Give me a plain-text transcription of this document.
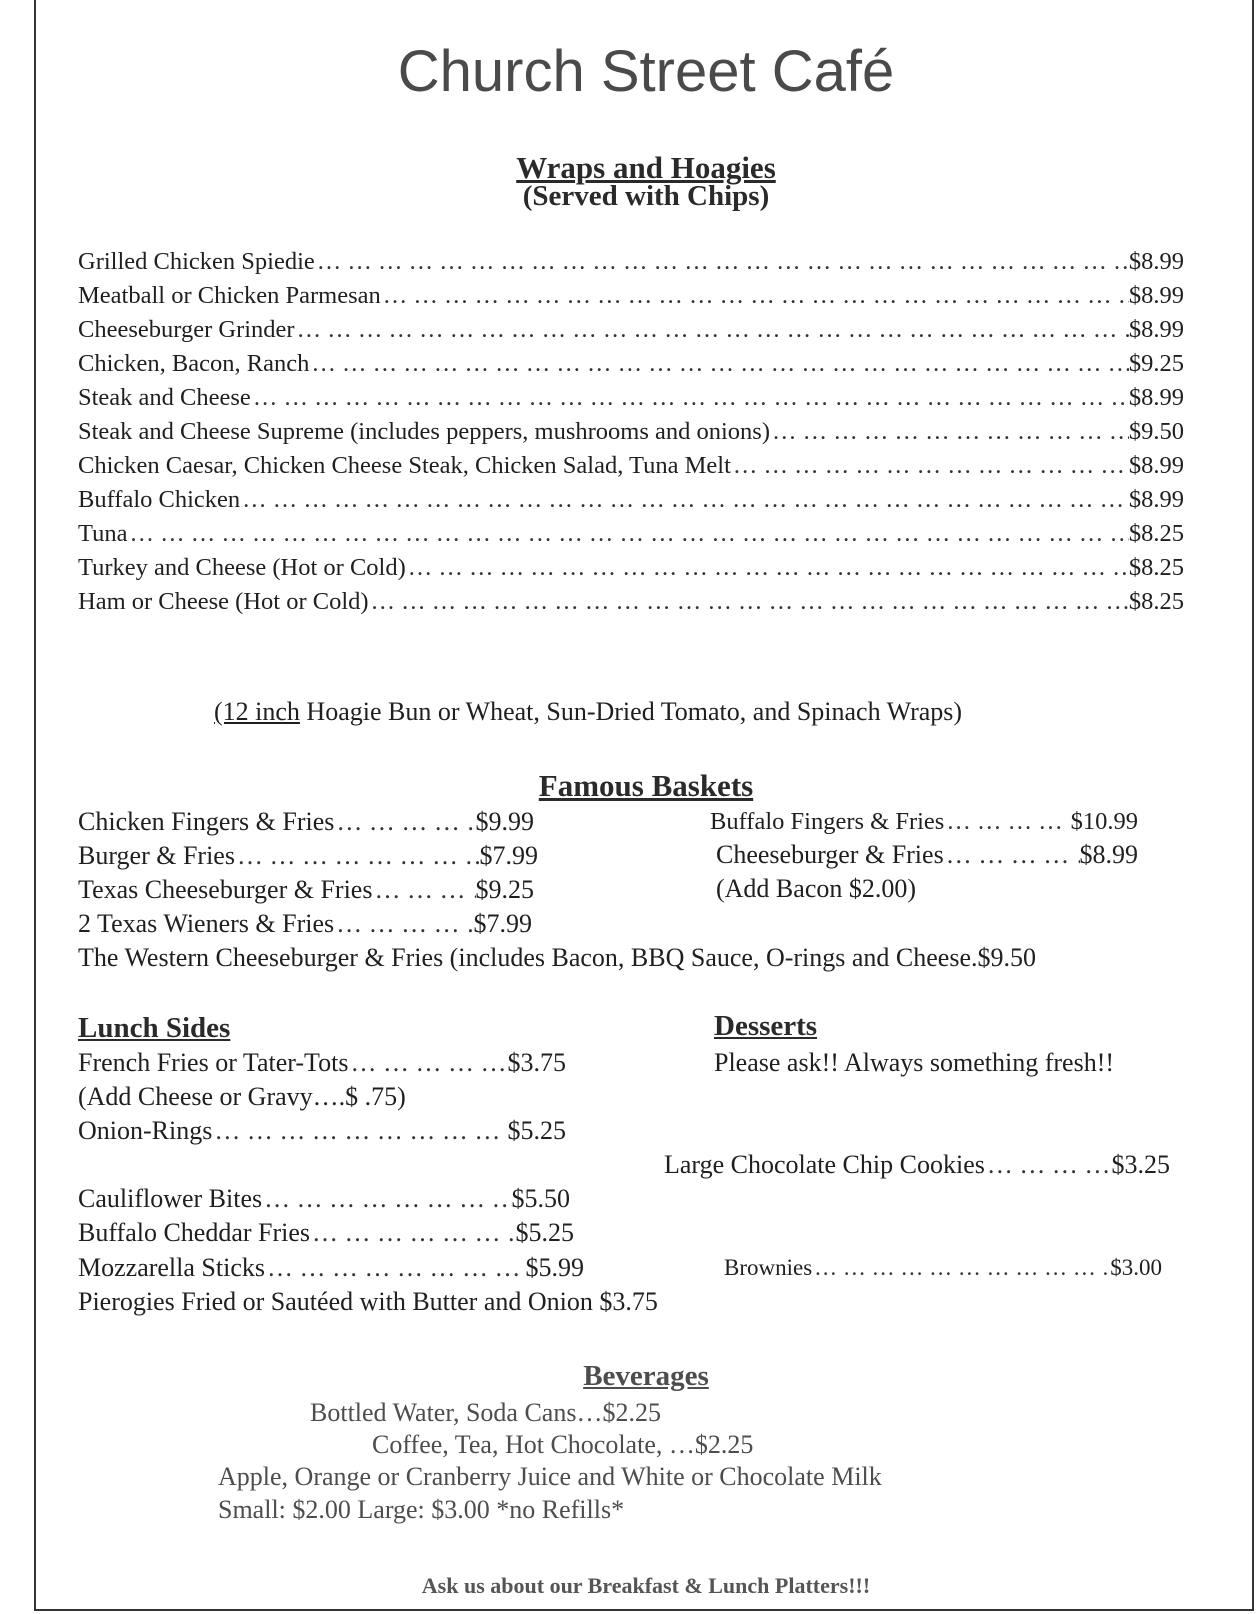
Church Street Café
Wraps and Hoagies
(Served with Chips)
Grilled Chicken Spiedie … … … … … … … … … … … … … … … … … … … … … … … … … … … … … … … … … … … … … … … … … … … … … … … … … … … … … … … … … …	$8.99
Meatball or Chicken Parmesan … … … … … … … … … … … … … … … … … … … … … … … … … … … … … … … … … … … … … … … … … … … … … … … … … … … … … … … … … …	$8.99
Cheeseburger Grinder … … … … … … … … … … … … … … … … … … … … … … … … … … … … … … … … … … … … … … … … … … … … … … … … … … … … … … … … … …	$8.99
Chicken, Bacon, Ranch … … … … … … … … … … … … … … … … … … … … … … … … … … … … … … … … … … … … … … … … … … … … … … … … … … … … … … … … … …	$9.25
Steak and Cheese … … … … … … … … … … … … … … … … … … … … … … … … … … … … … … … … … … … … … … … … … … … … … … … … … … … … … … … … … …	$8.99
Steak and Cheese Supreme (includes peppers, mushrooms and onions) … … … … … … … … … … … … … … … … … … … … … … … … … … … … … … … … … … … … … … … … … … … … … … … … … … … … … … … … … …	$9.50
Chicken Caesar, Chicken Cheese Steak, Chicken Salad, Tuna Melt … … … … … … … … … … … … … … … … … … … … … … … … … … … … … … … … … … … … … … … … … … … … … … … … … … … … … … … … … …	$8.99
Buffalo Chicken … … … … … … … … … … … … … … … … … … … … … … … … … … … … … … … … … … … … … … … … … … … … … … … … … … … … … … … … … …	$8.99
Tuna … … … … … … … … … … … … … … … … … … … … … … … … … … … … … … … … … … … … … … … … … … … … … … … … … … … … … … … … … …	$8.25
Turkey and Cheese (Hot or Cold) … … … … … … … … … … … … … … … … … … … … … … … … … … … … … … … … … … … … … … … … … … … … … … … … … … … … … … … … … …	$8.25
Ham or Cheese (Hot or Cold) … … … … … … … … … … … … … … … … … … … … … … … … … … … … … … … … … … … … … … … … … … … … … … … … … … … … … … … … … …	$8.25
(12 inch Hoagie Bun or Wheat, Sun-Dried Tomato, and Spinach Wraps)
Famous Baskets
Chicken Fingers & Fries … … … … … … … … … … … … … … … … … … … … … … … … … … … … … … … … … … … … … … … … … … … … … … … … … … … … … … … … … …	$9.99
Burger & Fries … … … … … … … … … … … … … … … … … … … … … … … … … … … … … … … … … … … … … … … … … … … … … … … … … … … … … … … … … …	$7.99
Texas Cheeseburger & Fries … … … … … … … … … … … … … … … … … … … … … … … … … … … … … … … … … … … … … … … … … … … … … … … … … … … … … … … … … …	$9.25
2 Texas Wieners & Fries … … … … … … … … … … … … … … … … … … … … … … … … … … … … … … … … … … … … … … … … … … … … … … … … … … … … … … … … … …	$7.99
Buffalo Fingers & Fries … … … … … … … … … … … … … … … … … … … … … … … … … … … … … … … … … … … … … … … … … … … … … … … … … … … … … … … … … …	$10.99
Cheeseburger & Fries … … … … … … … … … … … … … … … … … … … … … … … … … … … … … … … … … … … … … … … … … … … … … … … … … … … … … … … … … …	$8.99
(Add Bacon $2.00)
The Western Cheeseburger & Fries (includes Bacon, BBQ Sauce, O-rings and Cheese.$9.50
Lunch Sides
French Fries or Tater-Tots … … … … … … … … … … … … … … … … … … … … … … … … … … … … … … … … … … … … … … … … … … … … … … … … … … … … … … … … … …	$3.75
(Add Cheese or Gravy….$ .75)
Onion-Rings … … … … … … … … … … … … … … … … … … … … … … … … … … … … … … … … … … … … … … … … … … … … … … … … … … … … … … … … … …	$5.25
Cauliflower Bites … … … … … … … … … … … … … … … … … … … … … … … … … … … … … … … … … … … … … … … … … … … … … … … … … … … … … … … … … …	$5.50
Buffalo Cheddar Fries … … … … … … … … … … … … … … … … … … … … … … … … … … … … … … … … … … … … … … … … … … … … … … … … … … … … … … … … … …	$5.25
Mozzarella Sticks … … … … … … … … … … … … … … … … … … … … … … … … … … … … … … … … … … … … … … … … … … … … … … … … … … … … … … … … … …	$5.99
Pierogies Fried or Sautéed with Butter and Onion $3.75
Desserts
Please ask!! Always something fresh!!
Large Chocolate Chip Cookies … … … … … … … … … … … … … … … … … … … … … … … … … … … … … … … … … … … … … … … … … … … … … … … … … … … … … … … … … …	$3.25
Brownies … … … … … … … … … … … … … … … … … … … … … … … … … … … … … … … … … … … … … … … … … … … … … … … … … … … … … … … … … …	$3.00
Beverages
Bottled Water, Soda Cans…$2.25
Coffee, Tea, Hot Chocolate, …$2.25
Apple, Orange or Cranberry Juice and White or Chocolate Milk
Small: $2.00 Large: $3.00 *no Refills*
Ask us about our Breakfast & Lunch Platters!!!
